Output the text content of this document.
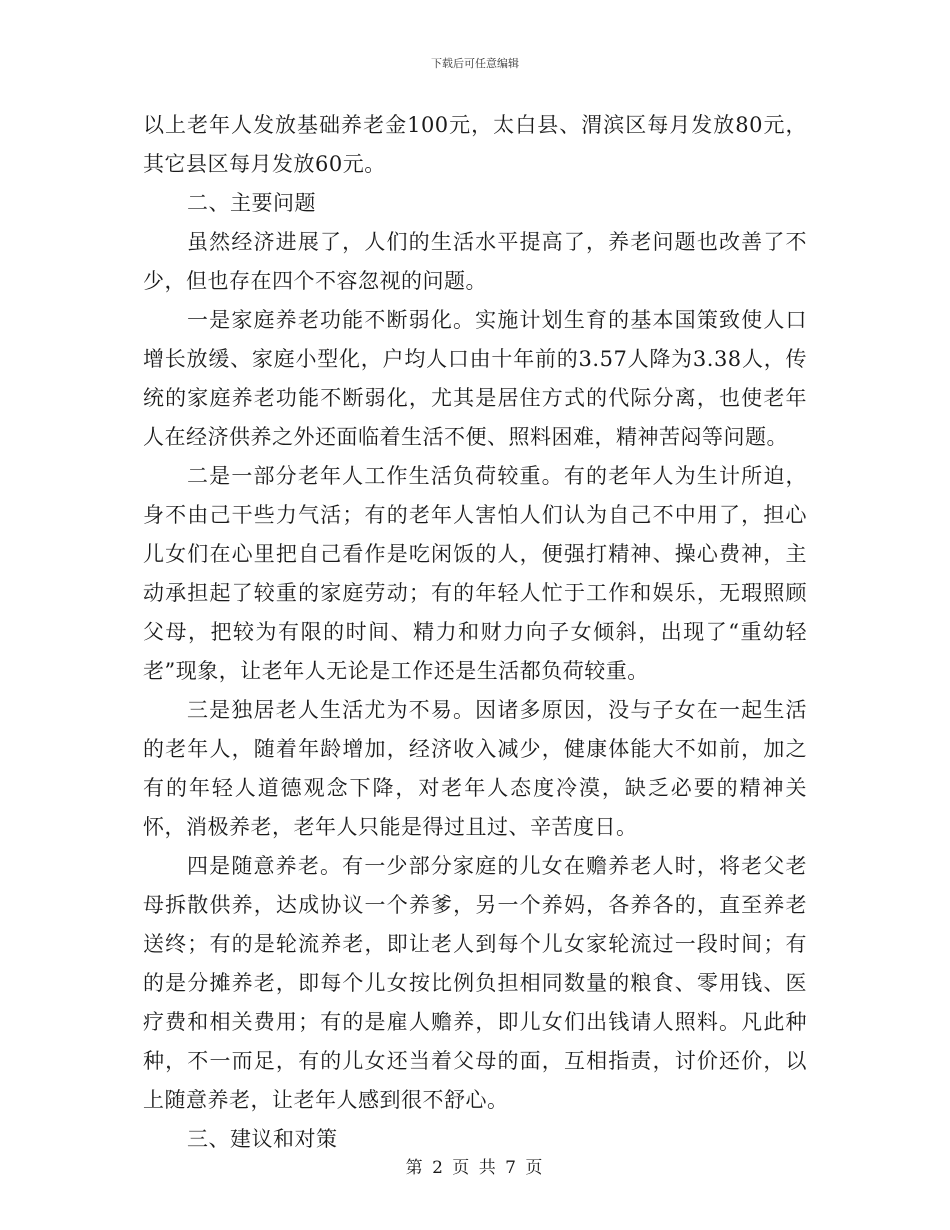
下载后可任意编辑

以上老年人发放基础养老金100元，太白县、渭滨区每月发放80元，其它县区每月发放60元。

二、主要问题

虽然经济进展了，人们的生活水平提高了，养老问题也改善了不少，但也存在四个不容忽视的问题。

一是家庭养老功能不断弱化。实施计划生育的基本国策致使人口增长放缓、家庭小型化，户均人口由十年前的3.57人降为3.38人，传统的家庭养老功能不断弱化，尤其是居住方式的代际分离，也使老年人在经济供养之外还面临着生活不便、照料困难，精神苦闷等问题。

二是一部分老年人工作生活负荷较重。有的老年人为生计所迫，身不由己干些力气活；有的老年人害怕人们认为自己不中用了，担心儿女们在心里把自己看作是吃闲饭的人，便强打精神、操心费神，主动承担起了较重的家庭劳动；有的年轻人忙于工作和娱乐，无瑕照顾父母，把较为有限的时间、精力和财力向子女倾斜，出现了“重幼轻老”现象，让老年人无论是工作还是生活都负荷较重。

三是独居老人生活尤为不易。因诸多原因，没与子女在一起生活的老年人，随着年龄增加，经济收入减少，健康体能大不如前，加之有的年轻人道德观念下降，对老年人态度冷漠，缺乏必要的精神关怀，消极养老，老年人只能是得过且过、辛苦度日。

四是随意养老。有一少部分家庭的儿女在赡养老人时，将老父老母拆散供养，达成协议一个养爹，另一个养妈，各养各的，直至养老送终；有的是轮流养老，即让老人到每个儿女家轮流过一段时间；有的是分摊养老，即每个儿女按比例负担相同数量的粮食、零用钱、医疗费和相关费用；有的是雇人赡养，即儿女们出钱请人照料。凡此种种，不一而足，有的儿女还当着父母的面，互相指责，讨价还价，以上随意养老，让老年人感到很不舒心。

三、建议和对策

第 2 页 共 7 页
